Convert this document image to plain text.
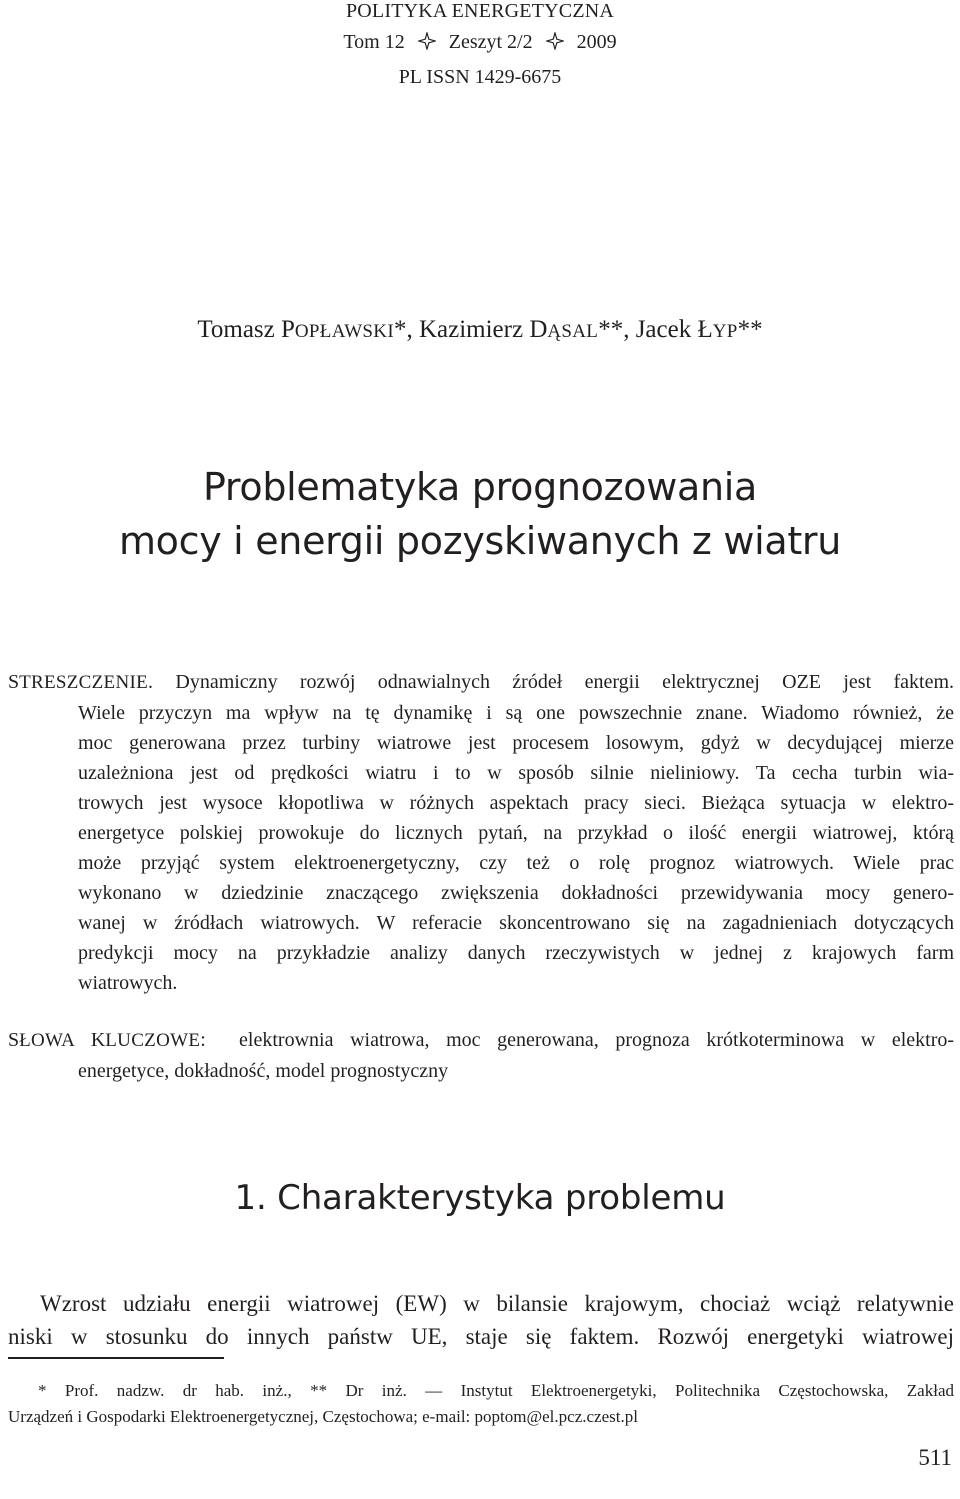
POLITYKA ENERGETYCZNA
Tom 12 Zeszyt 2/2 2009
PL ISSN 1429-6675
Tomasz POPŁAWSKI*, Kazimierz DĄSAL**, Jacek ŁYP**
Problematyka prognozowania
mocy i energii pozyskiwanych z wiatru
STRESZCZENIE. Dynamiczny rozwój odnawialnych źródeł energii elektrycznej OZE jest faktem.
Wiele przyczyn ma wpływ na tę dynamikę i są one powszechnie znane. Wiadomo również, że
moc generowana przez turbiny wiatrowe jest procesem losowym, gdyż w decydującej mierze
uzależniona jest od prędkości wiatru i to w sposób silnie nieliniowy. Ta cecha turbin wia-
trowych jest wysoce kłopotliwa w różnych aspektach pracy sieci. Bieżąca sytuacja w elektro-
energetyce polskiej prowokuje do licznych pytań, na przykład o ilość energii wiatrowej, którą
może przyjąć system elektroenergetyczny, czy też o rolę prognoz wiatrowych. Wiele prac
wykonano w dziedzinie znaczącego zwiększenia dokładności przewidywania mocy genero-
wanej w źródłach wiatrowych. W referacie skoncentrowano się na zagadnieniach dotyczących
predykcji mocy na przykładzie analizy danych rzeczywistych w jednej z krajowych farm
wiatrowych.
SŁOWA KLUCZOWE: elektrownia wiatrowa, moc generowana, prognoza krótkoterminowa w elektro-
energetyce, dokładność, model prognostyczny
1. Charakterystyka problemu
Wzrost udziału energii wiatrowej (EW) w bilansie krajowym, chociaż wciąż relatywnie
niski w stosunku do innych państw UE, staje się faktem. Rozwój energetyki wiatrowej
* Prof. nadzw. dr hab. inż., ** Dr inż. — Instytut Elektroenergetyki, Politechnika Częstochowska, Zakład
Urządzeń i Gospodarki Elektroenergetycznej, Częstochowa; e-mail: poptom@el.pcz.czest.pl
511
